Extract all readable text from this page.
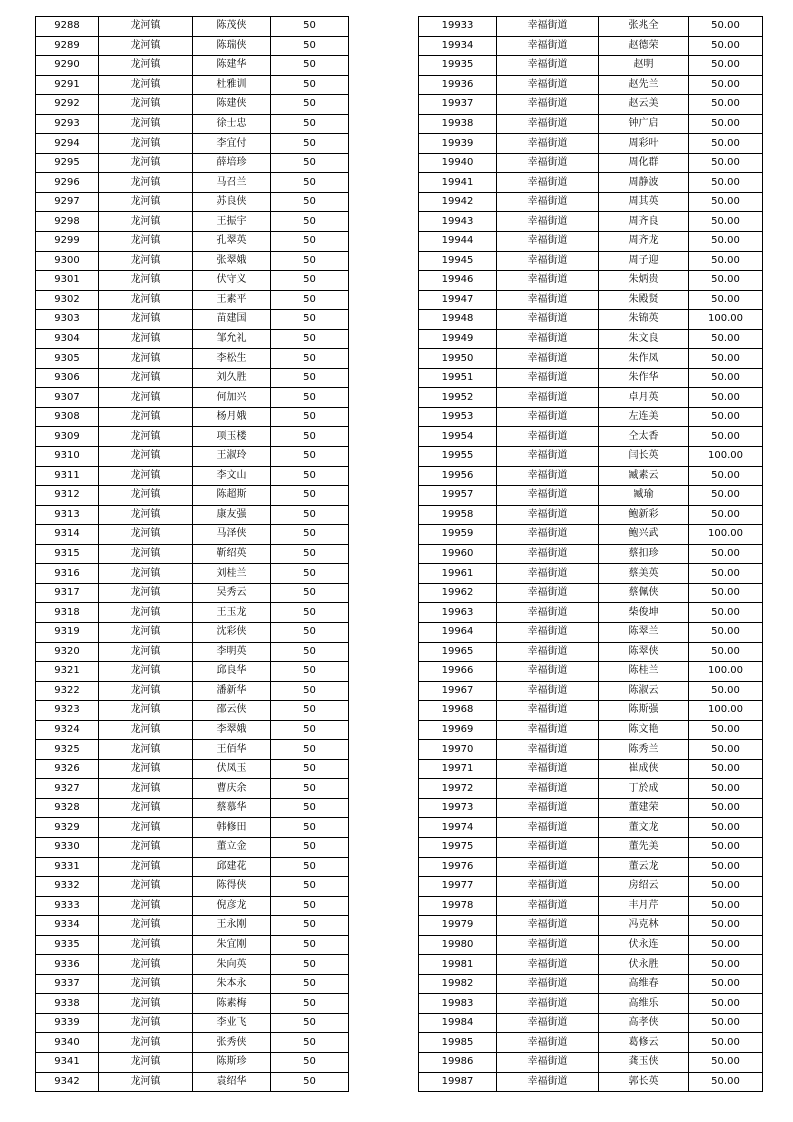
9288	龙河镇	陈茂侠	50
9289	龙河镇	陈瑞侠	50
9290	龙河镇	陈建华	50
9291	龙河镇	杜雅训	50
9292	龙河镇	陈建侠	50
9293	龙河镇	徐士忠	50
9294	龙河镇	李宜付	50
9295	龙河镇	薛培珍	50
9296	龙河镇	马召兰	50
9297	龙河镇	苏良侠	50
9298	龙河镇	王振宇	50
9299	龙河镇	孔翠英	50
9300	龙河镇	张翠娥	50
9301	龙河镇	伏守义	50
9302	龙河镇	王素平	50
9303	龙河镇	苗建国	50
9304	龙河镇	邹允礼	50
9305	龙河镇	李松生	50
9306	龙河镇	刘久胜	50
9307	龙河镇	何加兴	50
9308	龙河镇	杨月娥	50
9309	龙河镇	项玉楼	50
9310	龙河镇	王淑玲	50
9311	龙河镇	李文山	50
9312	龙河镇	陈超斯	50
9313	龙河镇	康友强	50
9314	龙河镇	马泽侠	50
9315	龙河镇	靳绍英	50
9316	龙河镇	刘桂兰	50
9317	龙河镇	吴秀云	50
9318	龙河镇	王玉龙	50
9319	龙河镇	沈彩侠	50
9320	龙河镇	李明英	50
9321	龙河镇	邱良华	50
9322	龙河镇	潘新华	50
9323	龙河镇	邵云侠	50
9324	龙河镇	李翠娥	50
9325	龙河镇	王佰华	50
9326	龙河镇	伏凤玉	50
9327	龙河镇	曹庆余	50
9328	龙河镇	蔡慕华	50
9329	龙河镇	韩修田	50
9330	龙河镇	董立金	50
9331	龙河镇	邱建花	50
9332	龙河镇	陈得侠	50
9333	龙河镇	倪彦龙	50
9334	龙河镇	王永刚	50
9335	龙河镇	朱宜刚	50
9336	龙河镇	朱向英	50
9337	龙河镇	朱本永	50
9338	龙河镇	陈素梅	50
9339	龙河镇	李业飞	50
9340	龙河镇	张秀侠	50
9341	龙河镇	陈斯珍	50
9342	龙河镇	袁绍华	50
19933	幸福街道	张兆全	50.00
19934	幸福街道	赵德荣	50.00
19935	幸福街道	赵明	50.00
19936	幸福街道	赵先兰	50.00
19937	幸福街道	赵云美	50.00
19938	幸福街道	钟广启	50.00
19939	幸福街道	周彩叶	50.00
19940	幸福街道	周化群	50.00
19941	幸福街道	周静波	50.00
19942	幸福街道	周其英	50.00
19943	幸福街道	周齐良	50.00
19944	幸福街道	周齐龙	50.00
19945	幸福街道	周子迎	50.00
19946	幸福街道	朱炳贵	50.00
19947	幸福街道	朱殿贤	50.00
19948	幸福街道	朱锦英	100.00
19949	幸福街道	朱文良	50.00
19950	幸福街道	朱作凤	50.00
19951	幸福街道	朱作华	50.00
19952	幸福街道	卓月英	50.00
19953	幸福街道	左连美	50.00
19954	幸福街道	仝太香	50.00
19955	幸福街道	闫长英	100.00
19956	幸福街道	臧素云	50.00
19957	幸福街道	臧瑜	50.00
19958	幸福街道	鲍新彩	50.00
19959	幸福街道	鲍兴武	100.00
19960	幸福街道	蔡扣珍	50.00
19961	幸福街道	蔡美英	50.00
19962	幸福街道	蔡佩侠	50.00
19963	幸福街道	柴俊坤	50.00
19964	幸福街道	陈翠兰	50.00
19965	幸福街道	陈翠侠	50.00
19966	幸福街道	陈桂兰	100.00
19967	幸福街道	陈淑云	50.00
19968	幸福街道	陈斯强	100.00
19969	幸福街道	陈文艳	50.00
19970	幸福街道	陈秀兰	50.00
19971	幸福街道	崔成侠	50.00
19972	幸福街道	丁於成	50.00
19973	幸福街道	董建荣	50.00
19974	幸福街道	董文龙	50.00
19975	幸福街道	董先美	50.00
19976	幸福街道	董云龙	50.00
19977	幸福街道	房绍云	50.00
19978	幸福街道	丰月芹	50.00
19979	幸福街道	冯克林	50.00
19980	幸福街道	伏永连	50.00
19981	幸福街道	伏永胜	50.00
19982	幸福街道	高维春	50.00
19983	幸福街道	高维乐	50.00
19984	幸福街道	高孝侠	50.00
19985	幸福街道	葛修云	50.00
19986	幸福街道	龚玉侠	50.00
19987	幸福街道	郭长英	50.00
